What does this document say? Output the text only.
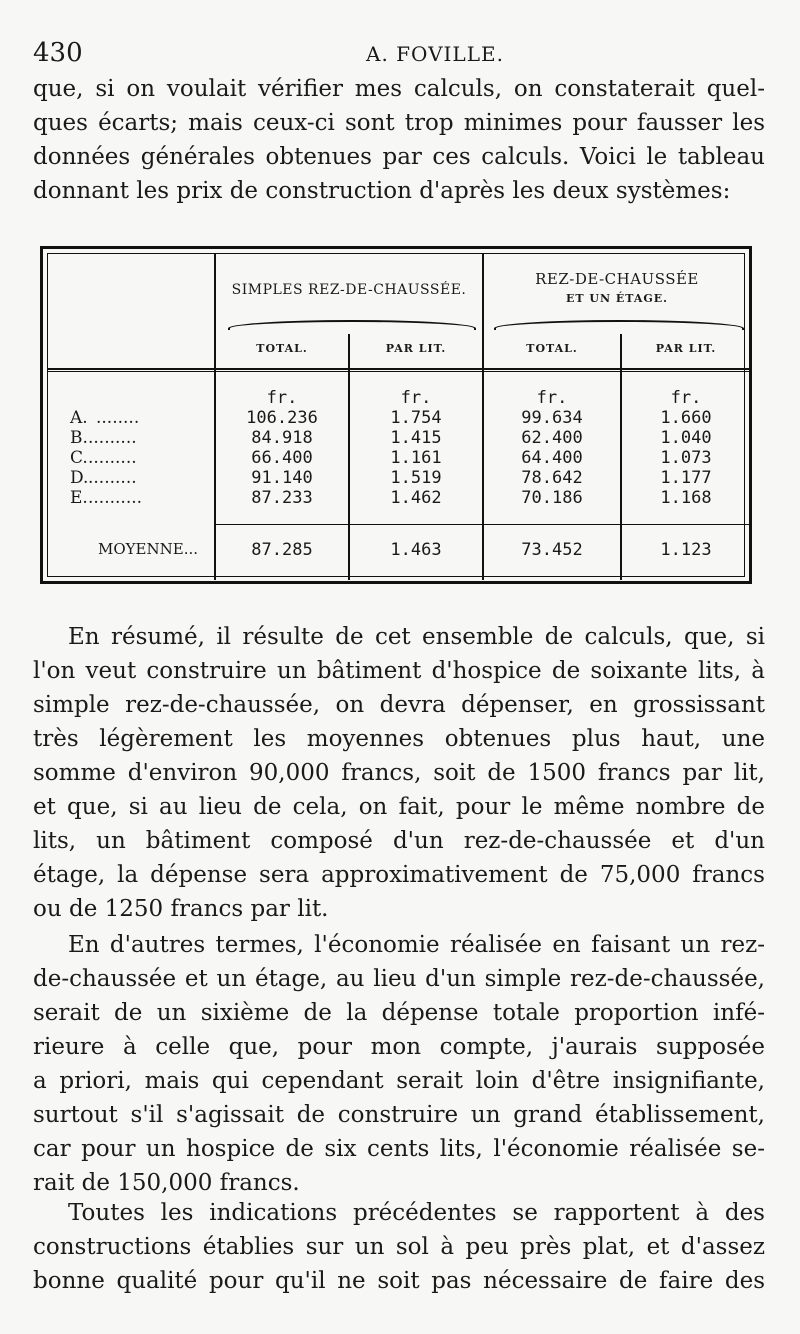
430	A. FOVILLE.
que, si on voulait vérifier mes calculs, on constaterait quel-
ques écarts; mais ceux-ci sont trop minimes pour fausser les
données générales obtenues par ces calculs. Voici le tableau
donnant les prix de construction d'après les deux systèmes:
SIMPLES REZ-DE-CHAUSSÉE.
REZ-DE-CHAUSSÉE
ET UN ÉTAGE.
TOTAL.	PAR LIT.	TOTAL.	PAR LIT.
fr.	fr.	fr.	fr.
A. ........	106.236	1.754	99.634	1.660
B. .........	84.918	1.415	62.400	1.040
C. .........	66.400	1.161	64.400	1.073
D. .........	91.140	1.519	78.642	1.177
E. ..........	87.233	1.462	70.186	1.168
MOYENNE...	87.285	1.463	73.452	1.123
En résumé, il résulte de cet ensemble de calculs, que, si
l'on veut construire un bâtiment d'hospice de soixante lits, à
simple rez-de-chaussée, on devra dépenser, en grossissant
très légèrement les moyennes obtenues plus haut, une
somme d'environ 90,000 francs, soit de 1500 francs par lit,
et que, si au lieu de cela, on fait, pour le même nombre de
lits, un bâtiment composé d'un rez-de-chaussée et d'un
étage, la dépense sera approximativement de 75,000 francs
ou de 1250 francs par lit.
En d'autres termes, l'économie réalisée en faisant un rez-
de-chaussée et un étage, au lieu d'un simple rez-de-chaussée,
serait de un sixième de la dépense totale proportion infé-
rieure à celle que, pour mon compte, j'aurais supposée
a priori, mais qui cependant serait loin d'être insignifiante,
surtout s'il s'agissait de construire un grand établissement,
car pour un hospice de six cents lits, l'économie réalisée se-
rait de 150,000 francs.
Toutes les indications précédentes se rapportent à des
constructions établies sur un sol à peu près plat, et d'assez
bonne qualité pour qu'il ne soit pas nécessaire de faire des
